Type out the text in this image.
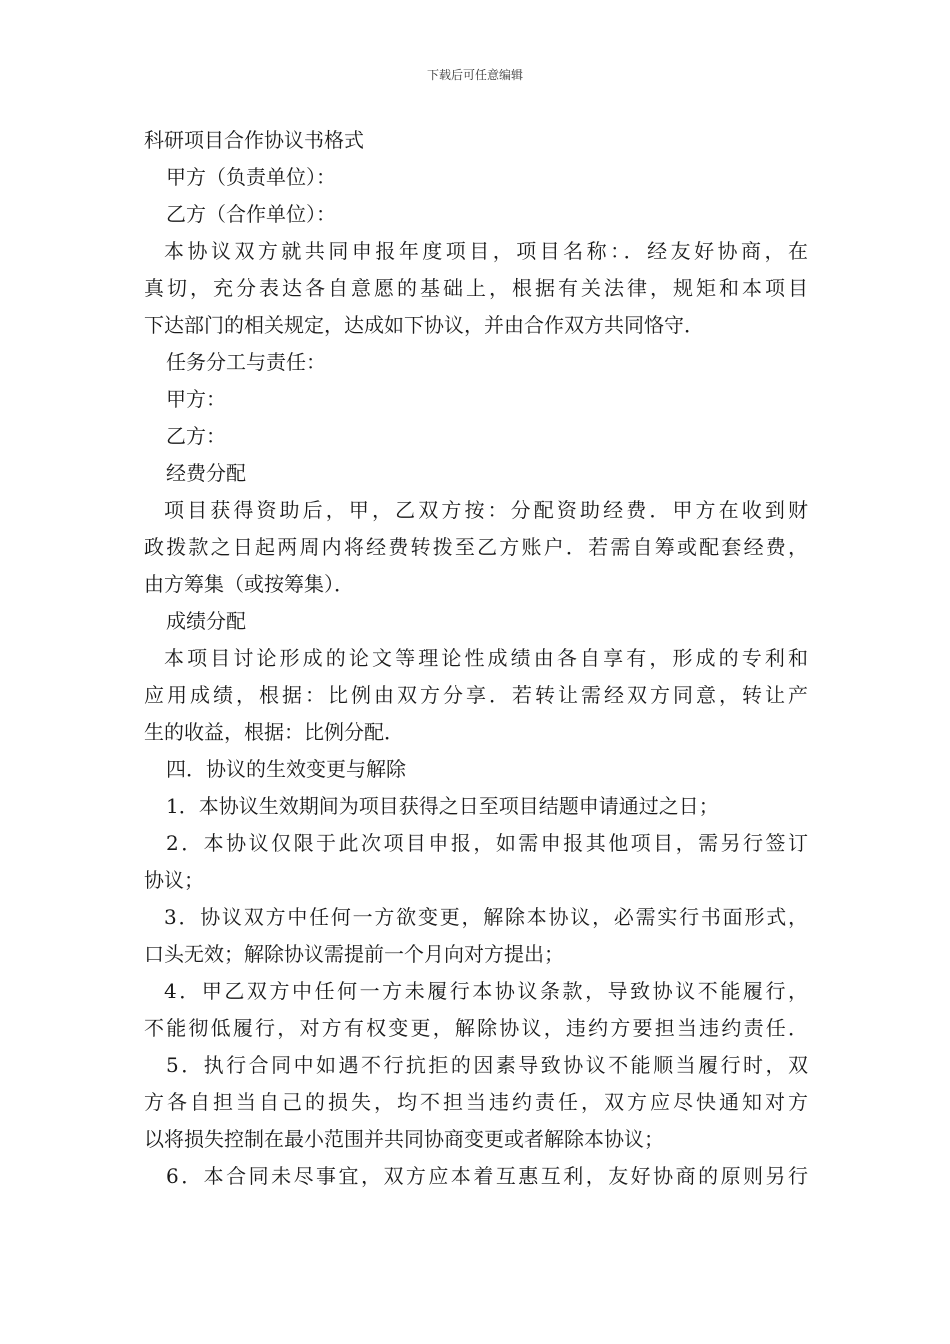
下载后可任意编辑
科研项目合作协议书格式
甲方（负责单位）：
乙方（合作单位）：
本协议双方就共同申报年度项目，项目名称：．经友好协商，在
真切，充分表达各自意愿的基础上，根据有关法律，规矩和本项目
下达部门的相关规定，达成如下协议，并由合作双方共同恪守．
任务分工与责任：
甲方：
乙方：
经费分配
项目获得资助后，甲，乙双方按：分配资助经费．甲方在收到财
政拨款之日起两周内将经费转拨至乙方账户．若需自筹或配套经费，
由方筹集（或按筹集）．
成绩分配
本项目讨论形成的论文等理论性成绩由各自享有，形成的专利和
应用成绩，根据：比例由双方分享．若转让需经双方同意，转让产
生的收益，根据：比例分配．
四．协议的生效变更与解除
1．本协议生效期间为项目获得之日至项目结题申请通过之日；
2．本协议仅限于此次项目申报，如需申报其他项目，需另行签订
协议；
3．协议双方中任何一方欲变更，解除本协议，必需实行书面形式，
口头无效；解除协议需提前一个月向对方提出；
4．甲乙双方中任何一方未履行本协议条款，导致协议不能履行，
不能彻低履行，对方有权变更，解除协议，违约方要担当违约责任．
5．执行合同中如遇不行抗拒的因素导致协议不能顺当履行时，双
方各自担当自己的损失，均不担当违约责任，双方应尽快通知对方
以将损失控制在最小范围并共同协商变更或者解除本协议；
6．本合同未尽事宜，双方应本着互惠互利，友好协商的原则另行
